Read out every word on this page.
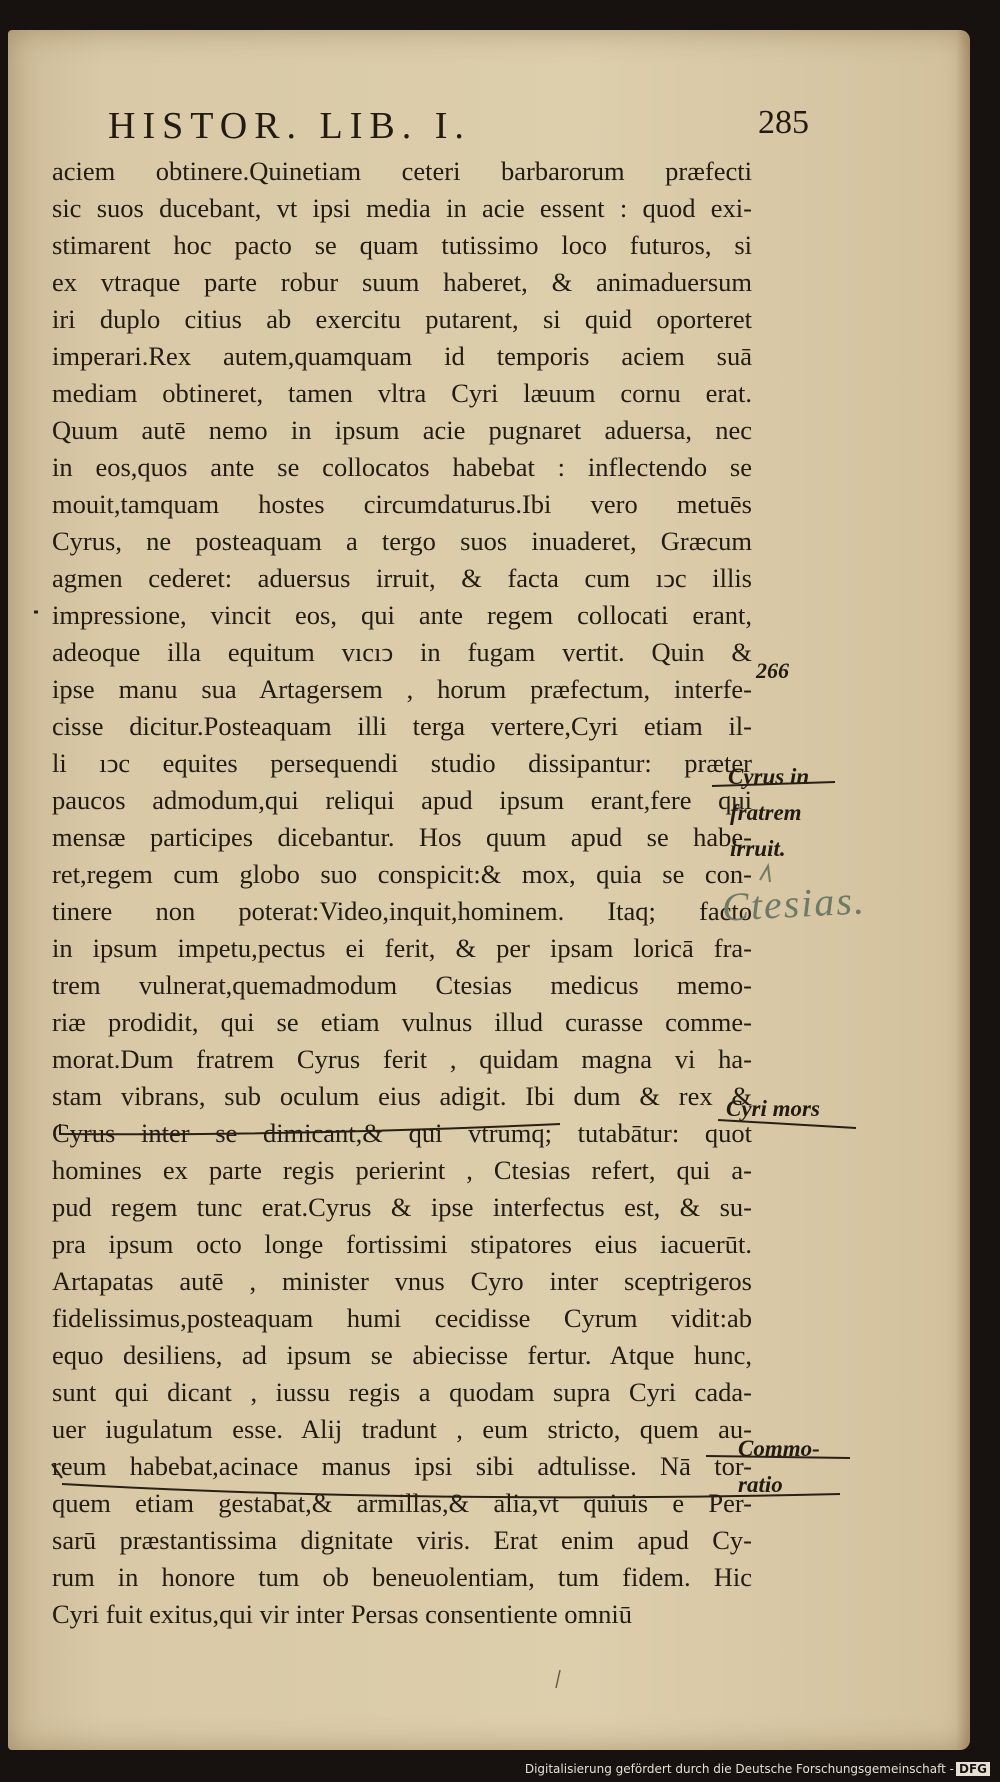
HISTOR. LIB. I.	285
aciem obtinere.Quinetiam ceteri barbarorum præfecti
sic suos ducebant, vt ipsi media in acie essent : quod exi-
stimarent hoc pacto se quam tutissimo loco futuros, si
ex vtraque parte robur suum haberet, & animaduersum
iri duplo citius ab exercitu putarent, si quid oporteret
imperari.Rex autem,quamquam id temporis aciem suā
mediam obtineret, tamen vltra Cyri læuum cornu erat.
Quum autē nemo in ipsum acie pugnaret aduersa, nec
in eos,quos ante se collocatos habebat : inflectendo se
mouit,tamquam hostes circumdaturus.Ibi vero metuēs
Cyrus, ne posteaquam a tergo suos inuaderet, Græcum
agmen cederet: aduersus irruit, & facta cum ıↄc illis
impressione, vincit eos, qui ante regem collocati erant,
adeoque illa equitum vıcıↄ in fugam vertit. Quin &
ipse manu sua Artagersem , horum præfectum, interfe-
cisse dicitur.Posteaquam illi terga vertere,Cyri etiam il-
li ıↄc equites persequendi studio dissipantur: præter
paucos admodum,qui reliqui apud ipsum erant,fere qui
mensæ participes dicebantur. Hos quum apud se habe-
ret,regem cum globo suo conspicit:& mox, quia se con-
tinere non poterat:Video,inquit,hominem. Itaq; facto
in ipsum impetu,pectus ei ferit, & per ipsam loricā fra-
trem vulnerat,quemadmodum Ctesias medicus memo-
riæ prodidit, qui se etiam vulnus illud curasse comme-
morat.Dum fratrem Cyrus ferit , quidam magna vi ha-
stam vibrans, sub oculum eius adigit. Ibi dum & rex &
Cyrus inter se dimicant,& qui vtrumq; tutabātur: quot
homines ex parte regis perierint , Ctesias refert, qui a-
pud regem tunc erat.Cyrus & ipse interfectus est, & su-
pra ipsum octo longe fortissimi stipatores eius iacuerūt.
Artapatas autē , minister vnus Cyro inter sceptrigeros
fidelissimus,posteaquam humi cecidisse Cyrum vidit:ab
equo desiliens, ad ipsum se abiecisse fertur. Atque hunc,
sunt qui dicant , iussu regis a quodam supra Cyri cada-
uer iugulatum esse. Alij tradunt , eum stricto, quem au-
reum habebat,acinace manus ipsi sibi adtulisse. Nā tor-
quem etiam gestabat,& armillas,& alia,vt quiuis e Per-
sarū præstantissima dignitate viris. Erat enim apud Cy-
rum in honore tum ob beneuolentiam, tum fidem. Hic
Cyri fuit exitus,qui vir inter Persas consentiente omniū
266
Cyrus in
fratrem
irruit.
Ctesias.
Cyri mors
Commo-
ratio
Digitalisierung gefördert durch die Deutsche Forschungsgemeinschaft - DFG
